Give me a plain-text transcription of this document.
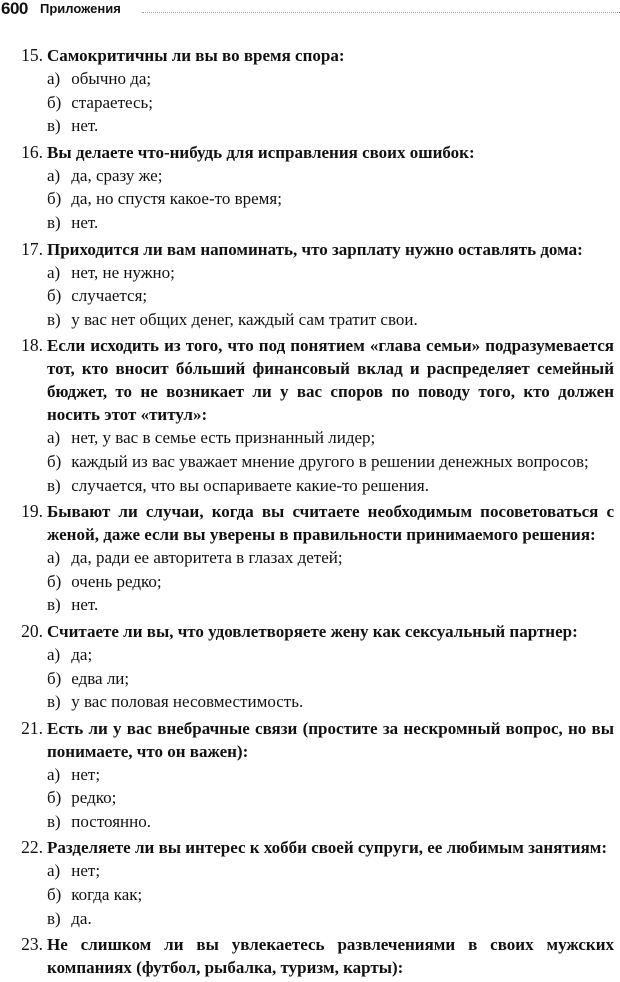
600 Приложения
15. Самокритичны ли вы во время спора:
а) обычно да;
б) стараетесь;
в) нет.
16. Вы делаете что-нибудь для исправления своих ошибок:
а) да, сразу же;
б) да, но спустя какое-то время;
в) нет.
17. Приходится ли вам напоминать, что зарплату нужно оставлять дома:
а) нет, не нужно;
б) случается;
в) у вас нет общих денег, каждый сам тратит свои.
18. Если исходить из того, что под понятием «глава семьи» подразумевается тот, кто вносит бóльший финансовый вклад и распределяет семейный бюджет, то не возникает ли у вас споров по поводу того, кто должен носить этот «титул»:
а) нет, у вас в семье есть признанный лидер;
б) каждый из вас уважает мнение другого в решении денежных вопросов;
в) случается, что вы оспариваете какие-то решения.
19. Бывают ли случаи, когда вы считаете необходимым посоветоваться с женой, даже если вы уверены в правильности принимаемого решения:
а) да, ради ее авторитета в глазах детей;
б) очень редко;
в) нет.
20. Считаете ли вы, что удовлетворяете жену как сексуальный партнер:
а) да;
б) едва ли;
в) у вас половая несовместимость.
21. Есть ли у вас внебрачные связи (простите за нескромный вопрос, но вы понимаете, что он важен):
а) нет;
б) редко;
в) постоянно.
22. Разделяете ли вы интерес к хобби своей супруги, ее любимым занятиям:
а) нет;
б) когда как;
в) да.
23. Не слишком ли вы увлекаетесь развлечениями в своих мужских компаниях (футбол, рыбалка, туризм, карты):
